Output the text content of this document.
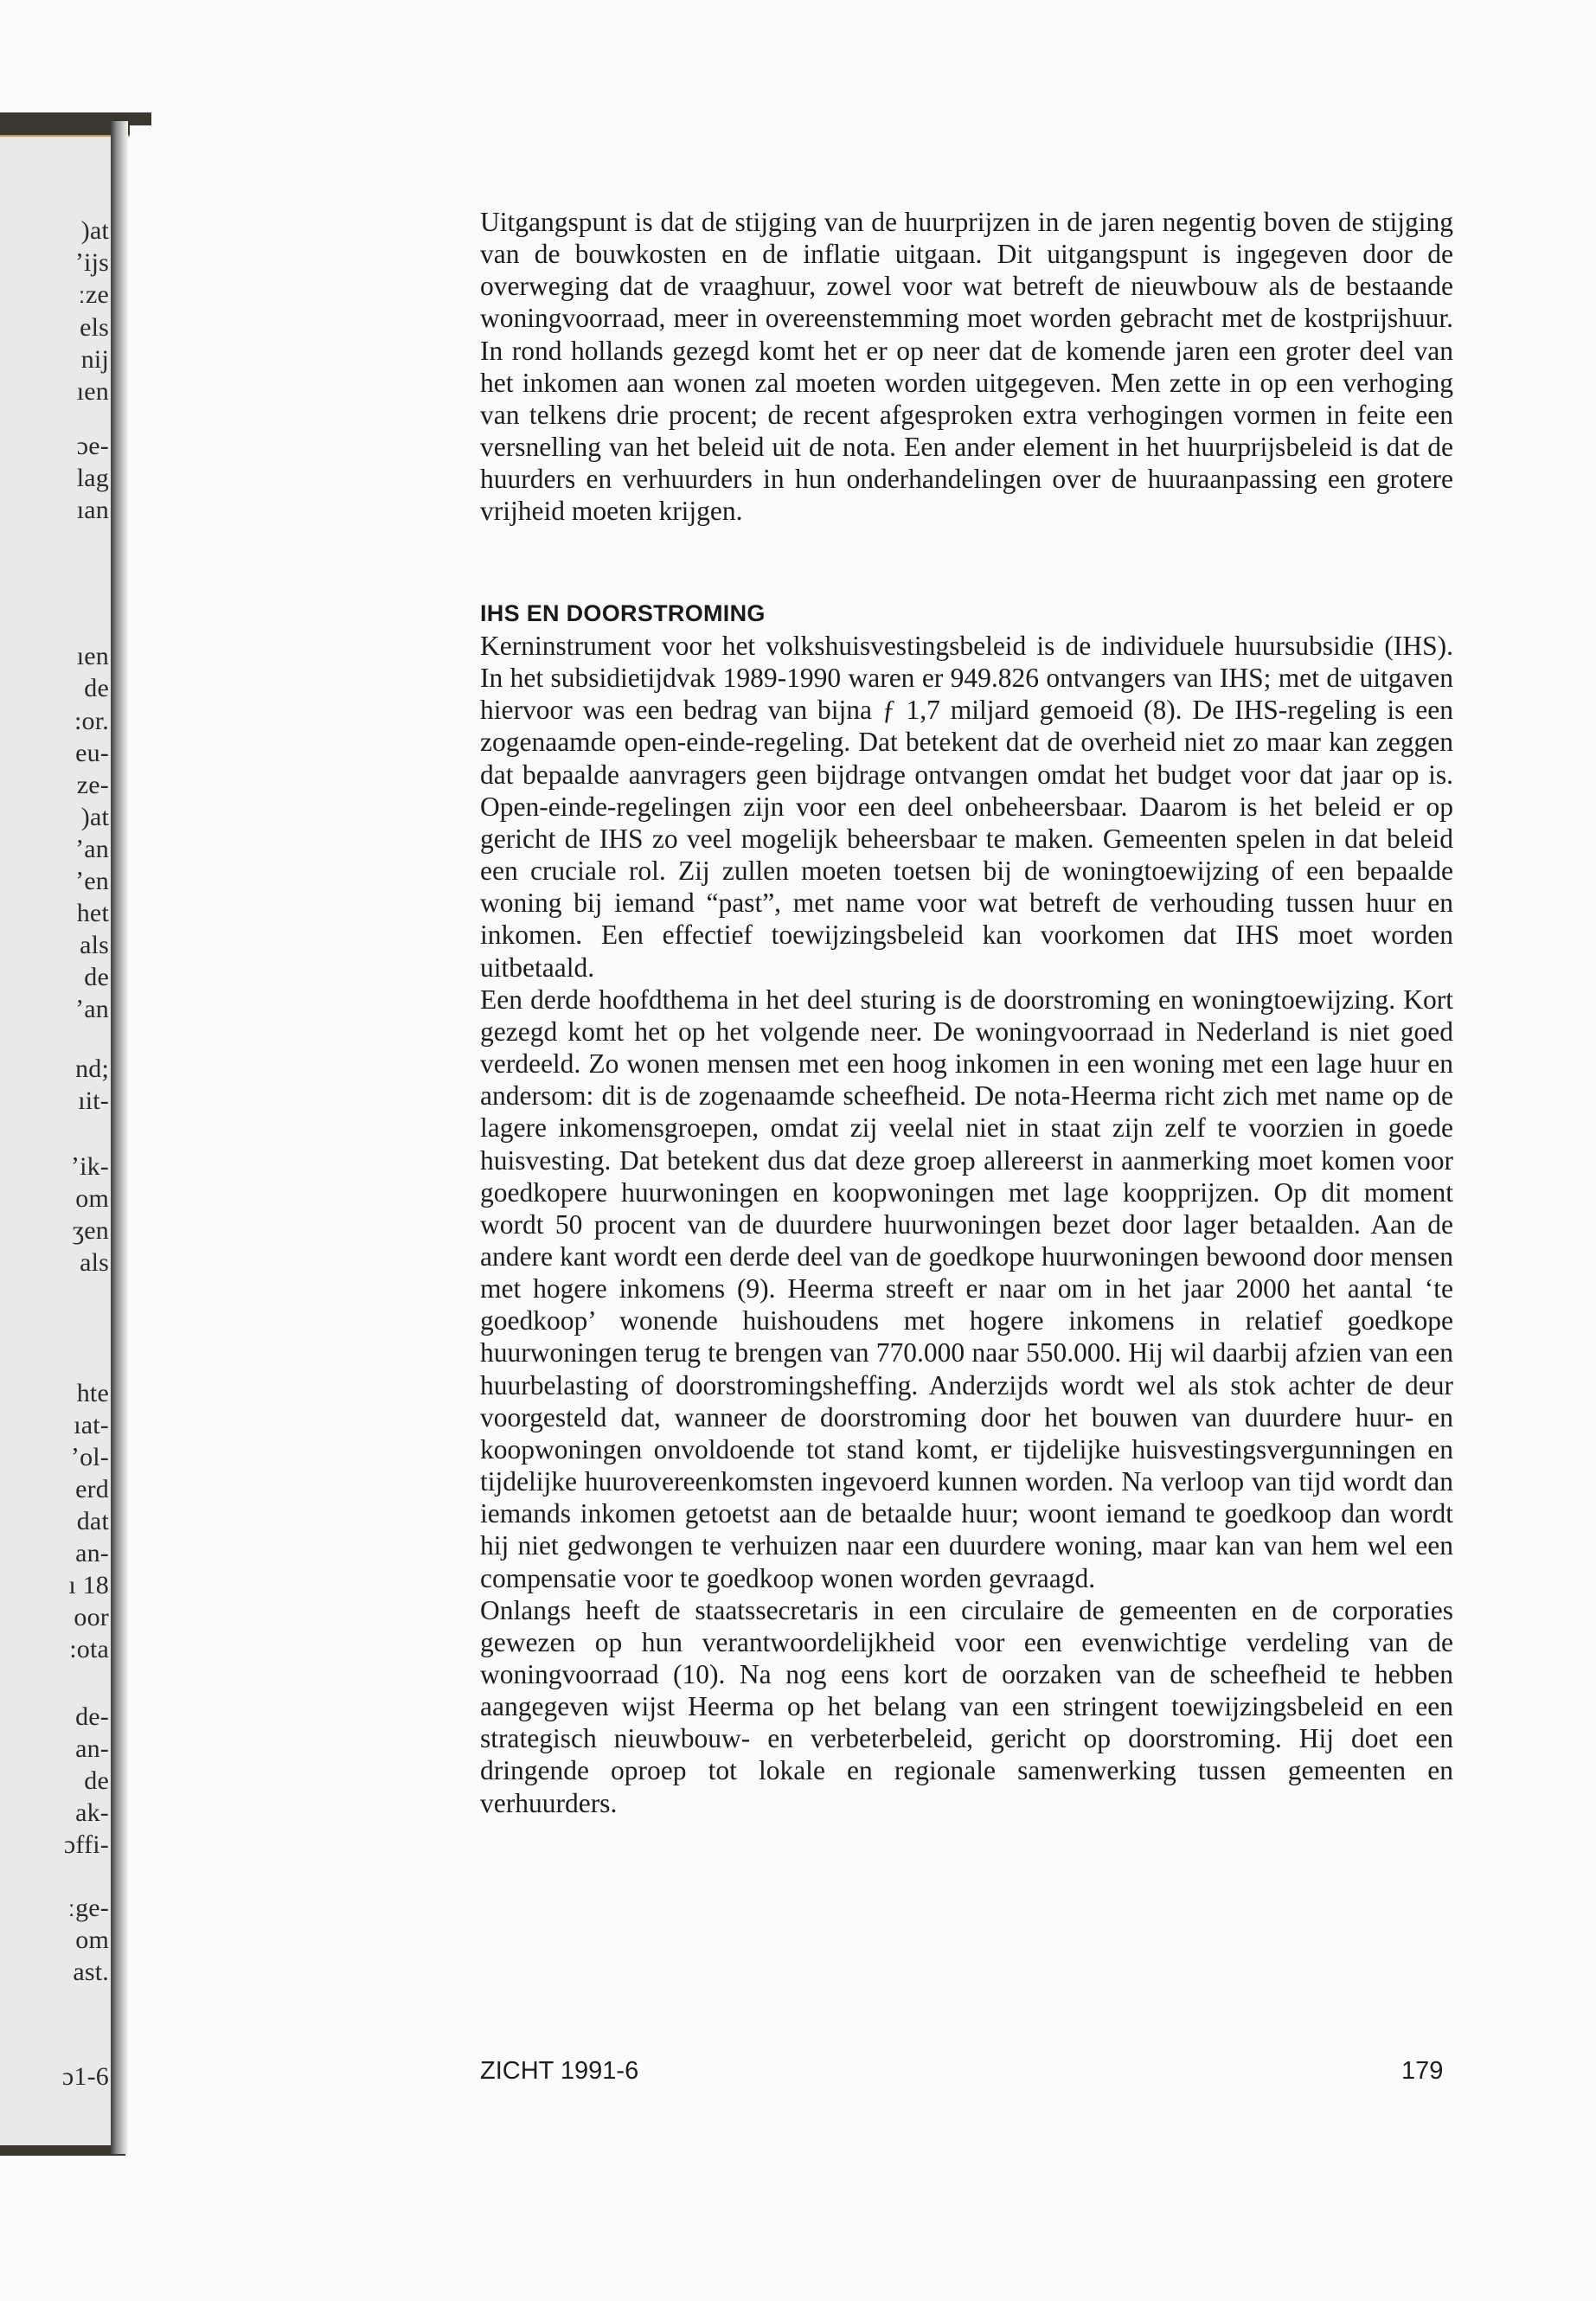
)at
ʼijs
ːze
els
nij
ıen
ɔe-
lag
ıan
ıen
de
:or.
eu-
ze-
)at
ʼan
ʼen
het
als
de
ʼan
nd;
ıit-
ʼik-
om
ʒen
als
hte
ıat-
ʼol-
erd
dat
an-
ı 18
oor
:ota
de-
an-
de
ak-
ɔffi-
ːge-
om
ast.
ɔ1-6

Uitgangspunt is dat de stijging van de huurprijzen in de jaren negentig boven de stijging van de bouwkosten en de inflatie uitgaan. Dit uitgangspunt is ingegeven door de overweging dat de vraaghuur, zowel voor wat betreft de nieuwbouw als de bestaande woningvoorraad, meer in overeenstemming moet worden gebracht met de kostprijshuur. In rond hollands gezegd komt het er op neer dat de komende jaren een groter deel van het inkomen aan wonen zal moeten worden uitgegeven. Men zette in op een verhoging van telkens drie procent; de recent afgesproken extra verhogingen vormen in feite een versnelling van het beleid uit de nota. Een ander element in het huurprijsbeleid is dat de huurders en verhuurders in hun onderhandelingen over de huuraanpassing een grotere vrijheid moeten krijgen.

IHS EN DOORSTROMING

Kerninstrument voor het volkshuisvestingsbeleid is de individuele huursubsidie (IHS). In het subsidietijdvak 1989-1990 waren er 949.826 ontvangers van IHS; met de uitgaven hiervoor was een bedrag van bijna ƒ 1,7 miljard gemoeid (8). De IHS-regeling is een zogenaamde open-einde-regeling. Dat betekent dat de overheid niet zo maar kan zeggen dat bepaalde aanvragers geen bijdrage ontvangen omdat het budget voor dat jaar op is. Open-einde-regelingen zijn voor een deel onbeheersbaar. Daarom is het beleid er op gericht de IHS zo veel mogelijk beheersbaar te maken. Gemeenten spelen in dat beleid een cruciale rol. Zij zullen moeten toetsen bij de woningtoewijzing of een bepaalde woning bij iemand “past”, met name voor wat betreft de verhouding tussen huur en inkomen. Een effectief toewijzingsbeleid kan voorkomen dat IHS moet worden uitbetaald.

Een derde hoofdthema in het deel sturing is de doorstroming en woningtoewijzing. Kort gezegd komt het op het volgende neer. De woningvoorraad in Nederland is niet goed verdeeld. Zo wonen mensen met een hoog inkomen in een woning met een lage huur en andersom: dit is de zogenaamde scheefheid. De nota-Heerma richt zich met name op de lagere inkomensgroepen, omdat zij veelal niet in staat zijn zelf te voorzien in goede huisvesting. Dat betekent dus dat deze groep allereerst in aanmerking moet komen voor goedkopere huurwoningen en koopwoningen met lage koopprijzen. Op dit moment wordt 50 procent van de duurdere huurwoningen bezet door lager betaalden. Aan de andere kant wordt een derde deel van de goedkope huurwoningen bewoond door mensen met hogere inkomens (9). Heerma streeft er naar om in het jaar 2000 het aantal ‘te goedkoop’ wonende huishoudens met hogere inkomens in relatief goedkope huurwoningen terug te brengen van 770.000 naar 550.000. Hij wil daarbij afzien van een huurbelasting of doorstromingsheffing. Anderzijds wordt wel als stok achter de deur voorgesteld dat, wanneer de doorstroming door het bouwen van duurdere huur- en koopwoningen onvoldoende tot stand komt, er tijdelijke huisvestingsvergunningen en tijdelijke huurovereenkomsten ingevoerd kunnen worden. Na verloop van tijd wordt dan iemands inkomen getoetst aan de betaalde huur; woont iemand te goedkoop dan wordt hij niet gedwongen te verhuizen naar een duurdere woning, maar kan van hem wel een compensatie voor te goedkoop wonen worden gevraagd.

Onlangs heeft de staatssecretaris in een circulaire de gemeenten en de corporaties gewezen op hun verantwoordelijkheid voor een evenwichtige verdeling van de woningvoorraad (10). Na nog eens kort de oorzaken van de scheefheid te hebben aangegeven wijst Heerma op het belang van een stringent toewijzingsbeleid en een strategisch nieuwbouw- en verbeterbeleid, gericht op doorstroming. Hij doet een dringende oproep tot lokale en regionale samenwerking tussen gemeenten en verhuurders.

ZICHT 1991-6	179
